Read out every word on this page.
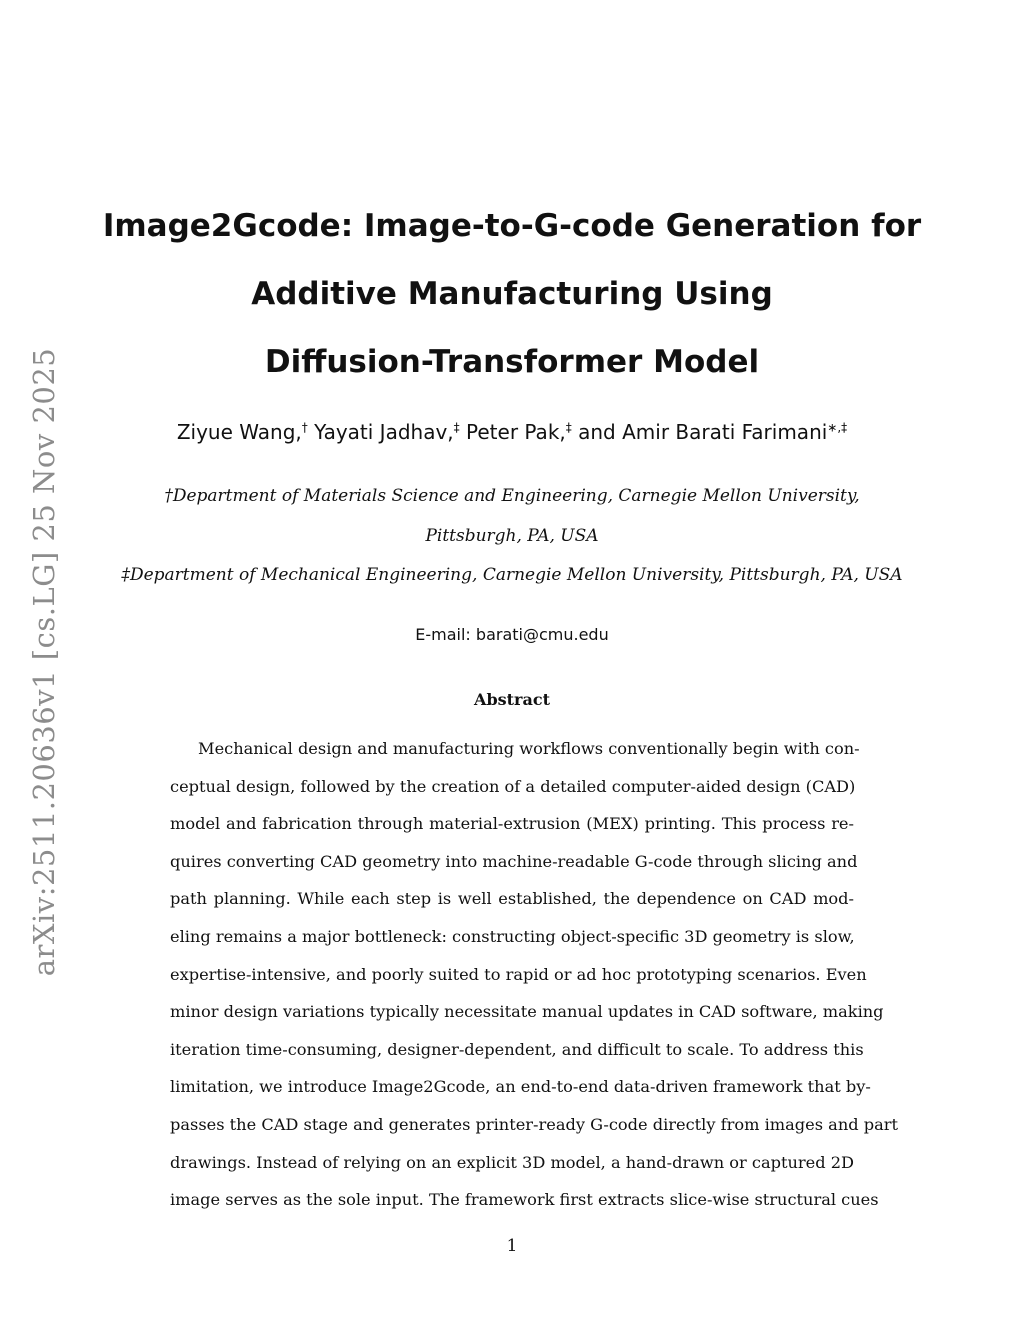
arXiv:2511.20636v1 [cs.LG] 25 Nov 2025
Image2Gcode: Image-to-G-code Generation for
Additive Manufacturing Using
Diffusion-Transformer Model
Ziyue Wang,† Yayati Jadhav,‡ Peter Pak,‡ and Amir Barati Farimani∗,‡
†Department of Materials Science and Engineering, Carnegie Mellon University,
Pittsburgh, PA, USA
‡Department of Mechanical Engineering, Carnegie Mellon University, Pittsburgh, PA, USA
E-mail: barati@cmu.edu
Abstract
Mechanical design and manufacturing workflows conventionally begin with con-
ceptual design, followed by the creation of a detailed computer-aided design (CAD)
model and fabrication through material-extrusion (MEX) printing. This process re-
quires converting CAD geometry into machine-readable G-code through slicing and
path planning. While each step is well established, the dependence on CAD mod-
eling remains a major bottleneck: constructing object-specific 3D geometry is slow,
expertise-intensive, and poorly suited to rapid or ad hoc prototyping scenarios. Even
minor design variations typically necessitate manual updates in CAD software, making
iteration time-consuming, designer-dependent, and difficult to scale. To address this
limitation, we introduce Image2Gcode, an end-to-end data-driven framework that by-
passes the CAD stage and generates printer-ready G-code directly from images and part
drawings. Instead of relying on an explicit 3D model, a hand-drawn or captured 2D
image serves as the sole input. The framework first extracts slice-wise structural cues
1
